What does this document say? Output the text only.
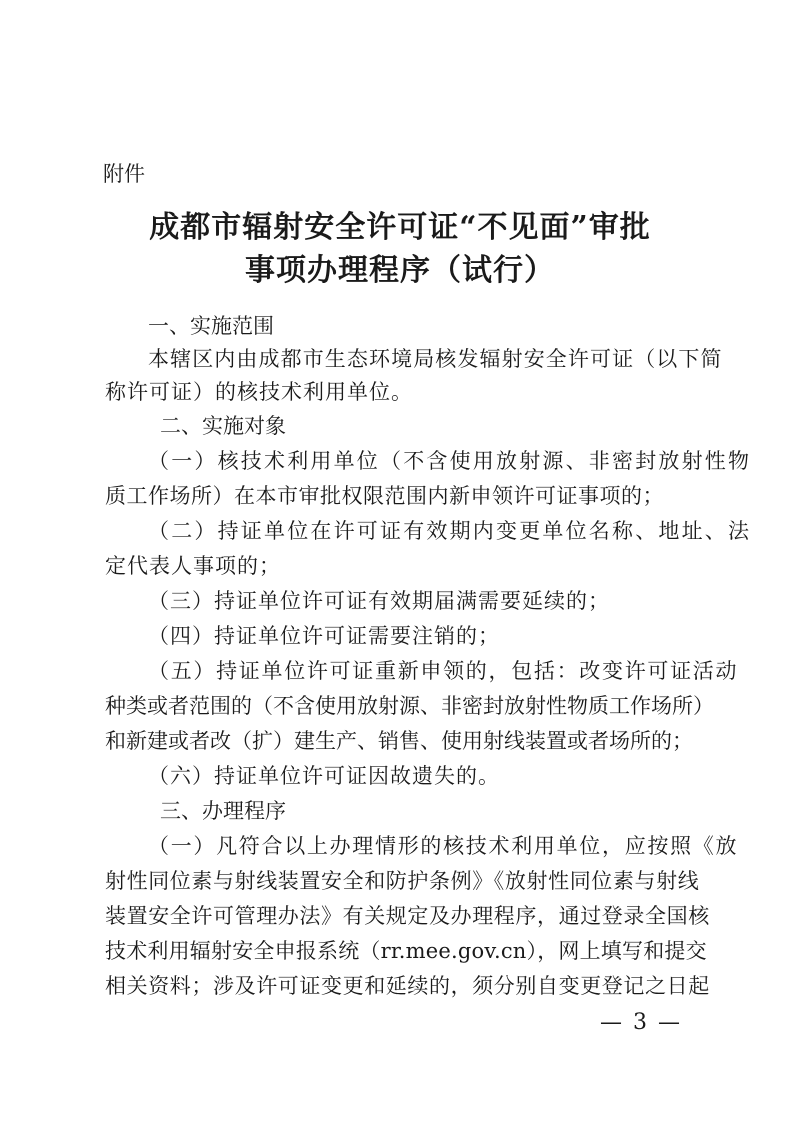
附件
成都市辐射安全许可证“不见面”审批
事项办理程序（试行）
一、实施范围
本辖区内由成都市生态环境局核发辐射安全许可证（以下简
称许可证）的核技术利用单位。
二、实施对象
（一）核技术利用单位（不含使用放射源、非密封放射性物
质工作场所）在本市审批权限范围内新申领许可证事项的；
（二）持证单位在许可证有效期内变更单位名称、地址、法
定代表人事项的；
（三）持证单位许可证有效期届满需要延续的；
（四）持证单位许可证需要注销的；
（五）持证单位许可证重新申领的，包括：改变许可证活动
种类或者范围的（不含使用放射源、非密封放射性物质工作场所）
和新建或者改（扩）建生产、销售、使用射线装置或者场所的；
（六）持证单位许可证因故遗失的。
三、办理程序
（一）凡符合以上办理情形的核技术利用单位，应按照《放
射性同位素与射线装置安全和防护条例》《放射性同位素与射线
装置安全许可管理办法》有关规定及办理程序，通过登录全国核
技术利用辐射安全申报系统（rr.mee.gov.cn），网上填写和提交
相关资料；涉及许可证变更和延续的，须分别自变更登记之日起
— 3 —
